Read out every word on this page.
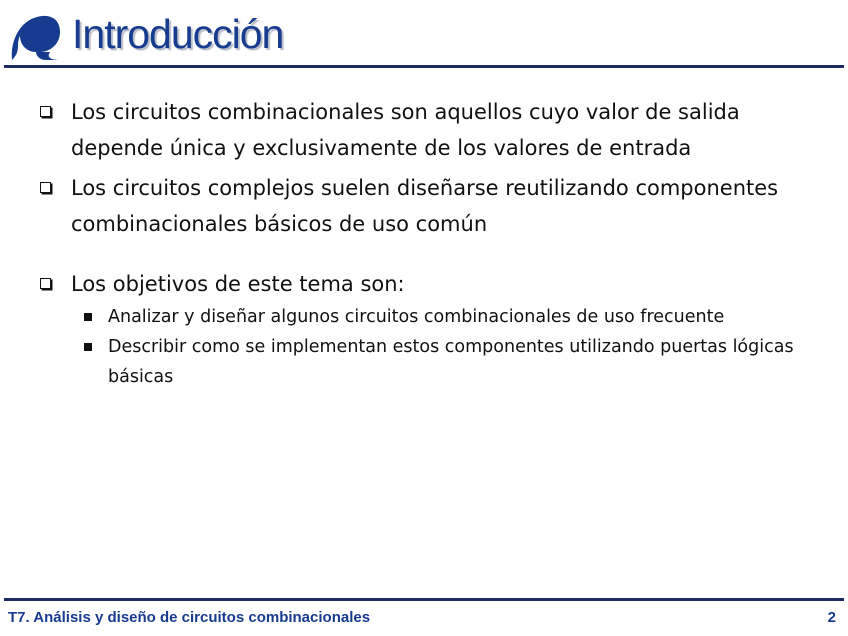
Introducción

Los circuitos combinacionales son aquellos cuyo valor de salida depende única y exclusivamente de los valores de entrada

Los circuitos complejos suelen diseñarse reutilizando componentes combinacionales básicos de uso común

Los objetivos de este tema son:

Analizar y diseñar algunos circuitos combinacionales de uso frecuente

Describir como se implementan estos componentes utilizando puertas lógicas básicas

T7. Análisis y diseño de circuitos combinacionales	2
